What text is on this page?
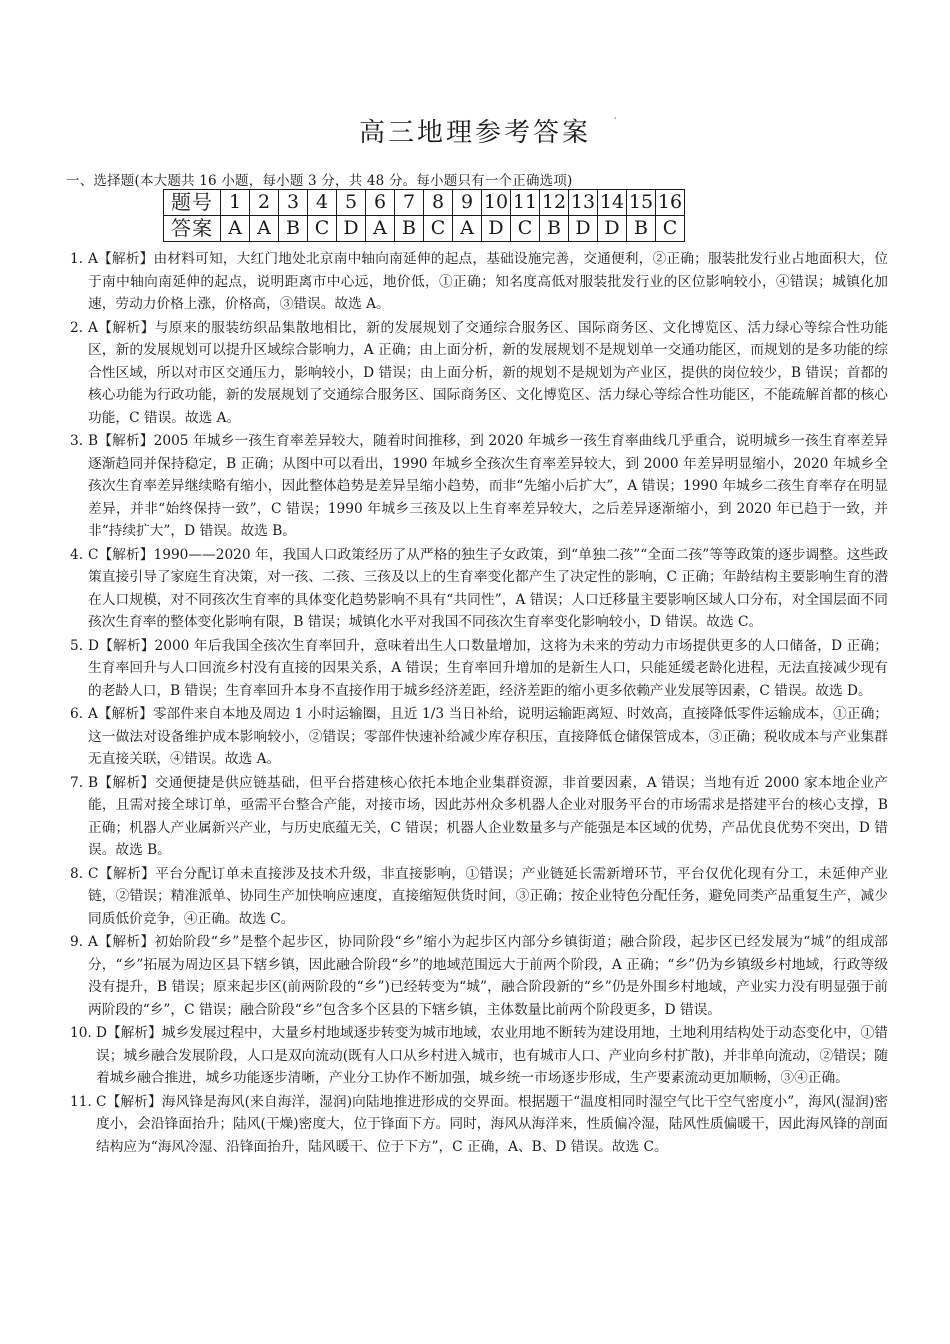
高三地理参考答案	'
一、选择题(本大题共 16 小题，每小题 3 分，共 48 分。每小题只有一个正确选项)
题号	1	2	3	4	5	6	7	8	9	10	11	12	13	14	15	16
答案	A	A	B	C	D	A	B	C	A	D	C	B	D	D	B	C
1. A【解析】由材料可知，大红门地处北京南中轴向南延伸的起点，基础设施完善，交通便利，②正确；服装批发行业占地面积大，位于南中轴向南延伸的起点，说明距离市中心远，地价低，①正确；知名度高低对服装批发行业的区位影响较小，④错误；城镇化加速，劳动力价格上涨，价格高，③错误。故选 A。
2. A【解析】与原来的服装纺织品集散地相比，新的发展规划了交通综合服务区、国际商务区、文化博览区、活力绿心等综合性功能区，新的发展规划可以提升区域综合影响力，A 正确；由上面分析，新的发展规划不是规划单一交通功能区，而规划的是多功能的综合性区域，所以对市区交通压力，影响较小，D 错误；由上面分析，新的规划不是规划为产业区，提供的岗位较少，B 错误；首都的核心功能为行政功能，新的发展规划了交通综合服务区、国际商务区、文化博览区、活力绿心等综合性功能区，不能疏解首都的核心功能，C 错误。故选 A。
3. B【解析】2005 年城乡一孩生育率差异较大，随着时间推移，到 2020 年城乡一孩生育率曲线几乎重合，说明城乡一孩生育率差异逐渐趋同并保持稳定，B 正确；从图中可以看出，1990 年城乡全孩次生育率差异较大，到 2000 年差异明显缩小，2020 年城乡全孩次生育率差异继续略有缩小，因此整体趋势是差异呈缩小趋势，而非“先缩小后扩大”，A 错误；1990 年城乡二孩生育率存在明显差异，并非“始终保持一致”，C 错误；1990 年城乡三孩及以上生育率差异较大，之后差异逐渐缩小，到 2020 年已趋于一致，并非“持续扩大”，D 错误。故选 B。
4. C【解析】1990——2020 年，我国人口政策经历了从严格的独生子女政策，到“单独二孩”“全面二孩”等等政策的逐步调整。这些政策直接引导了家庭生育决策，对一孩、二孩、三孩及以上的生育率变化都产生了决定性的影响，C 正确；年龄结构主要影响生育的潜在人口规模，对不同孩次生育率的具体变化趋势影响不具有“共同性”，A 错误；人口迁移量主要影响区域人口分布，对全国层面不同孩次生育率的整体变化影响有限，B 错误；城镇化水平对我国不同孩次生育率变化影响较小，D 错误。故选 C。
5. D【解析】2000 年后我国全孩次生育率回升，意味着出生人口数量增加，这将为未来的劳动力市场提供更多的人口储备，D 正确；生育率回升与人口回流乡村没有直接的因果关系，A 错误；生育率回升增加的是新生人口，只能延缓老龄化进程，无法直接减少现有的老龄人口，B 错误；生育率回升本身不直接作用于城乡经济差距，经济差距的缩小更多依赖产业发展等因素，C 错误。故选 D。
6. A【解析】零部件来自本地及周边 1 小时运输圈，且近 1/3 当日补给，说明运输距离短、时效高，直接降低零件运输成本，①正确；这一做法对设备维护成本影响较小，②错误；零部件快速补给减少库存积压，直接降低仓储保管成本，③正确；税收成本与产业集群无直接关联，④错误。故选 A。
7. B【解析】交通便捷是供应链基础，但平台搭建核心依托本地企业集群资源，非首要因素，A 错误；当地有近 2000 家本地企业产能，且需对接全球订单，亟需平台整合产能，对接市场，因此苏州众多机器人企业对服务平台的市场需求是搭建平台的核心支撑，B 正确；机器人产业属新兴产业，与历史底蕴无关，C 错误；机器人企业数量多与产能强是本区域的优势，产品优良优势不突出，D 错误。故选 B。
8. C【解析】平台分配订单未直接涉及技术升级，非直接影响，①错误；产业链延长需新增环节，平台仅优化现有分工，未延伸产业链，②错误；精准派单、协同生产加快响应速度，直接缩短供货时间，③正确；按企业特色分配任务，避免同类产品重复生产，减少同质低价竞争，④正确。故选 C。
9. A【解析】初始阶段“乡”是整个起步区，协同阶段“乡”缩小为起步区内部分乡镇街道；融合阶段，起步区已经发展为“城”的组成部分，“乡”拓展为周边区县下辖乡镇，因此融合阶段“乡”的地域范围远大于前两个阶段，A 正确；“乡”仍为乡镇级乡村地域，行政等级没有提升，B 错误；原来起步区(前两阶段的“乡”)已经转变为“城”，融合阶段新的“乡”仍是外围乡村地域，产业实力没有明显强于前两阶段的“乡”，C 错误；融合阶段“乡”包含多个区县的下辖乡镇，主体数量比前两个阶段更多，D 错误。
10. D【解析】城乡发展过程中，大量乡村地域逐步转变为城市地域，农业用地不断转为建设用地，土地利用结构处于动态变化中，①错误；城乡融合发展阶段，人口是双向流动(既有人口从乡村进入城市，也有城市人口、产业向乡村扩散)，并非单向流动，②错误；随着城乡融合推进，城乡功能逐步清晰，产业分工协作不断加强，城乡统一市场逐步形成，生产要素流动更加顺畅，③④正确。
11. C【解析】海风锋是海风(来自海洋，湿润)向陆地推进形成的交界面。根据题干“温度相同时湿空气比干空气密度小”，海风(湿润)密度小，会沿锋面抬升；陆风(干燥)密度大，位于锋面下方。同时，海风从海洋来，性质偏冷湿，陆风性质偏暖干，因此海风锋的剖面结构应为“海风冷湿、沿锋面抬升，陆风暖干、位于下方”，C 正确，A、B、D 错误。故选 C。
